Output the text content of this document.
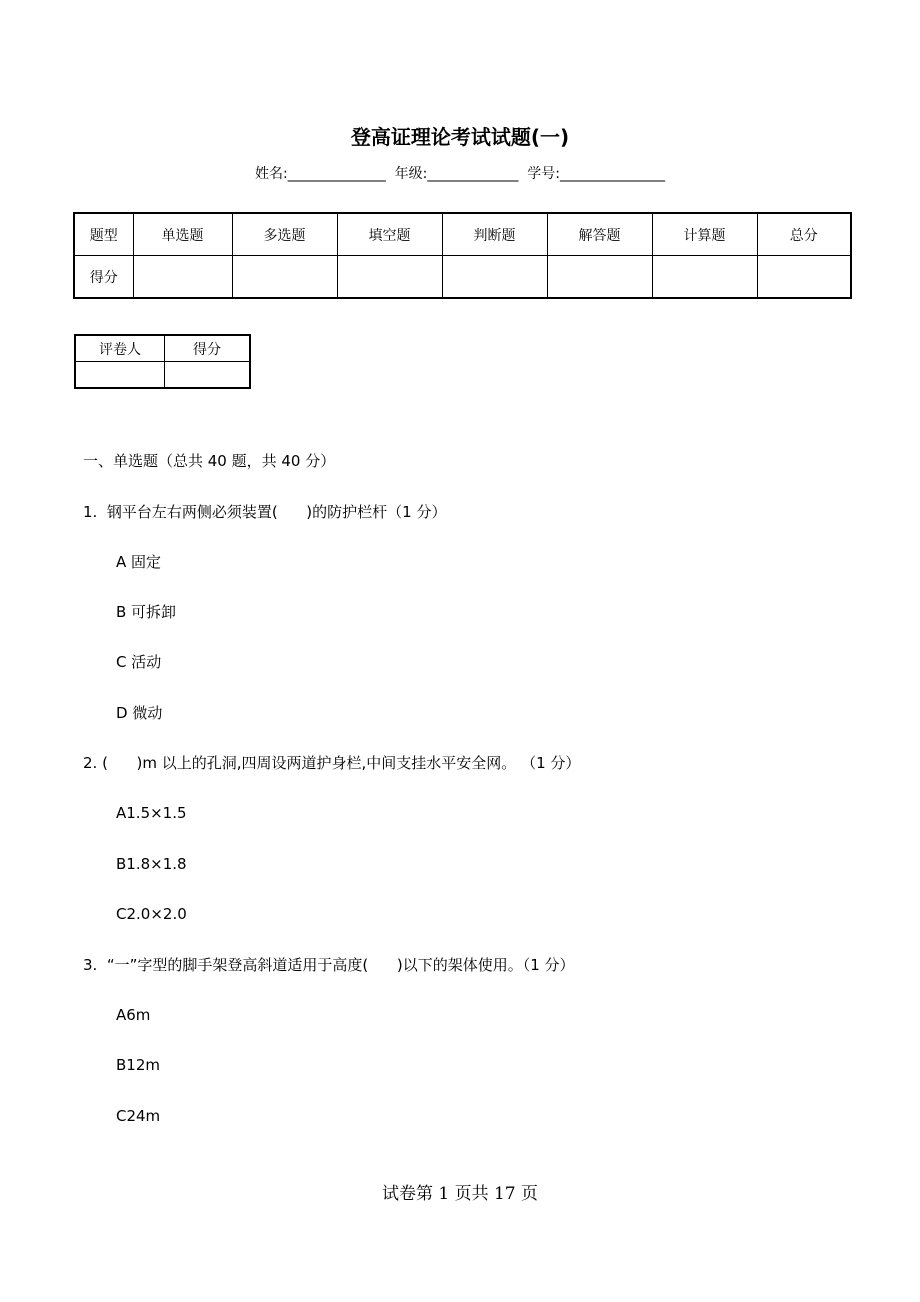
登高证理论考试试题(一)
姓名:______________  年级:_____________  学号:_______________
题型	单选题	多选题	填空题	判断题	解答题	计算题	总分
得分							
评卷人	得分

一、单选题（总共 40 题，共 40 分）
1.  钢平台左右两侧必须装置(      )的防护栏杆（1 分）
A 固定
B 可拆卸
C 活动
D 微动
2. (      )m 以上的孔洞,四周设两道护身栏,中间支挂水平安全网。 （1 分）
A1.5×1.5
B1.8×1.8
C2.0×2.0
3.  “一”字型的脚手架登高斜道适用于高度(      )以下的架体使用。（1 分）
A6m
B12m
C24m
试卷第 1 页共 17 页
